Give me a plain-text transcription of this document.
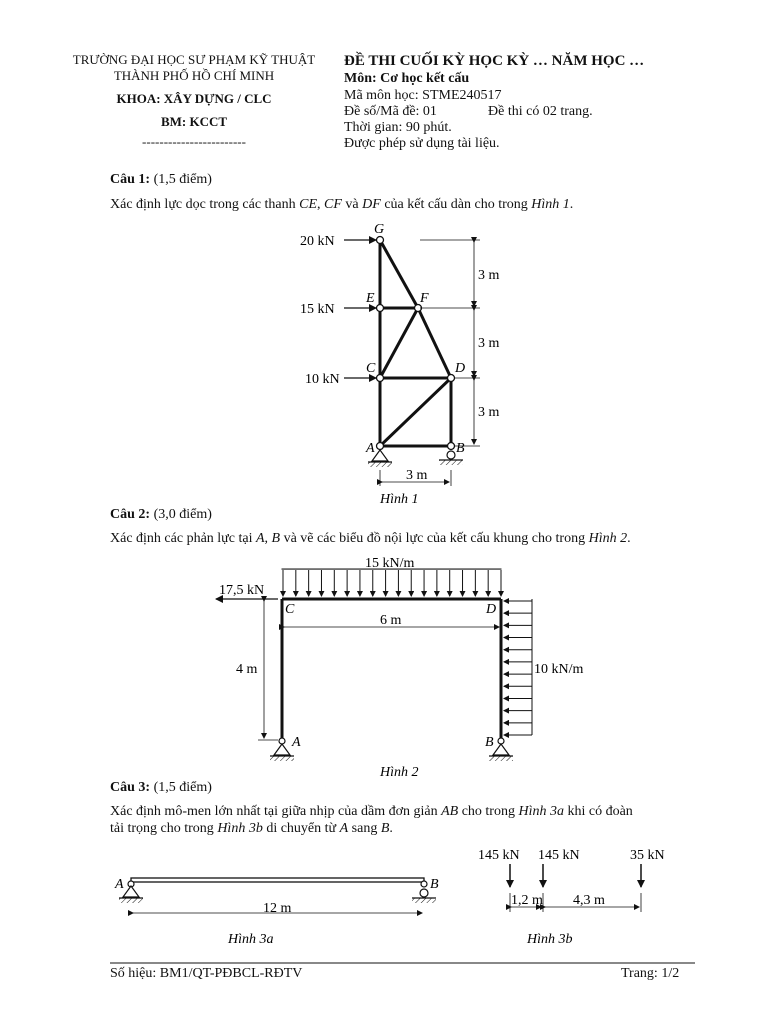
TRƯỜNG ĐẠI HỌC SƯ PHẠM KỸ THUẬT
THÀNH PHỐ HỒ CHÍ MINH
KHOA: XÂY DỰNG / CLC
BM: KCCT
------------------------
ĐỀ THI CUỐI KỲ HỌC KỲ … NĂM HỌC …
Môn: Cơ học kết cấu
Mã môn học: STME240517
Đề số/Mã đề: 01	Đề thi có 02 trang.
Thời gian: 90 phút.
Được phép sử dụng tài liệu.
Câu 1: (1,5 điểm)
Xác định lực dọc trong các thanh CE, CF và DF của kết cấu dàn cho trong Hình 1.
20 kN
15 kN
10 kN
G
E	F
C	D
A	B
3 m
3 m
3 m
3 m
Hình 1
17,5 kN
15 kN/m
10 kN/m
C	D
A	B
6 m
4 m
Hình 2
A	B
12 m
Hình 3a
145 kN 145 kN	35 kN
1,2 m 4,3 m
Hình 3b
Câu 2: (3,0 điểm)
Xác định các phản lực tại A, B và vẽ các biểu đồ nội lực của kết cấu khung cho trong Hình 2.
Câu 3: (1,5 điểm)
Xác định mô-men lớn nhất tại giữa nhịp của dầm đơn giản AB cho trong Hình 3a khi có đoàn
tải trọng cho trong Hình 3b di chuyển từ A sang B.
Số hiệu: BM1/QT-PĐBCL-RĐTV	Trang: 1/2
